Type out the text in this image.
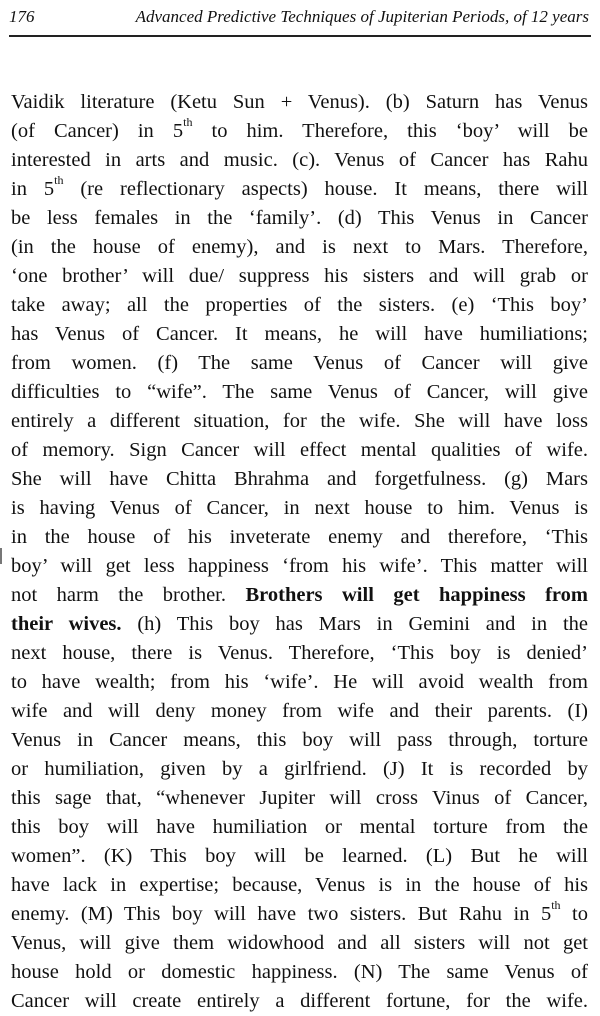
176	Advanced Predictive Techniques of Jupiterian Periods, of 12 years
Vaidik literature (Ketu Sun + Venus). (b) Saturn has Venus
(of Cancer) in 5th to him. Therefore, this ‘boy’ will be
interested in arts and music. (c). Venus of Cancer has Rahu
in 5th (re reflectionary aspects) house. It means, there will
be less females in the ‘family’. (d) This Venus in Cancer
(in the house of enemy), and is next to Mars. Therefore,
‘one brother’ will due/ suppress his sisters and will grab or
take away; all the properties of the sisters. (e) ‘This boy’
has Venus of Cancer. It means, he will have humiliations;
from women. (f) The same Venus of Cancer will give
difficulties to “wife”. The same Venus of Cancer, will give
entirely a different situation, for the wife. She will have loss
of memory. Sign Cancer will effect mental qualities of wife.
She will have Chitta Bhrahma and forgetfulness. (g) Mars
is having Venus of Cancer, in next house to him. Venus is
in the house of his inveterate enemy and therefore, ‘This
boy’ will get less happiness ‘from his wife’. This matter will
not harm the brother. Brothers will get happiness from
their wives. (h) This boy has Mars in Gemini and in the
next house, there is Venus. Therefore, ‘This boy is denied’
to have wealth; from his ‘wife’. He will avoid wealth from
wife and will deny money from wife and their parents. (I)
Venus in Cancer means, this boy will pass through, torture
or humiliation, given by a girlfriend. (J) It is recorded by
this sage that, “whenever Jupiter will cross Vinus of Cancer,
this boy will have humiliation or mental torture from the
women”. (K) This boy will be learned. (L) But he will
have lack in expertise; because, Venus is in the house of his
enemy. (M) This boy will have two sisters. But Rahu in 5th to
Venus, will give them widowhood and all sisters will not get
house hold or domestic happiness. (N) The same Venus of
Cancer will create entirely a different fortune, for the wife.
